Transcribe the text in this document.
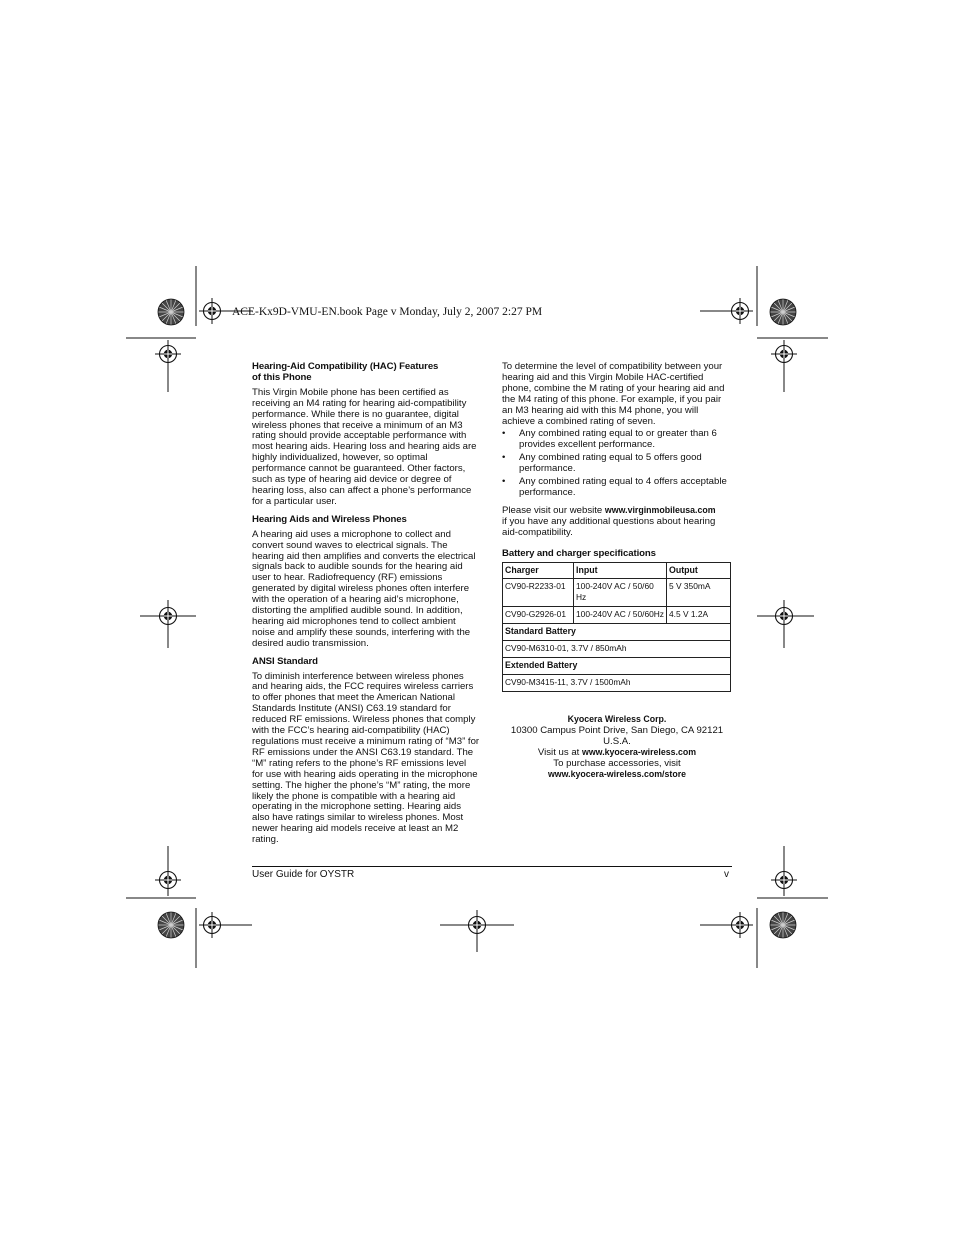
ACE-Kx9D-VMU-EN.book Page v Monday, July 2, 2007 2:27 PM
Hearing-Aid Compatibility (HAC) Features
of this Phone

This Virgin Mobile phone has been certified as receiving an M4 rating for hearing aid-compatibility performance. While there is no guarantee, digital wireless phones that receive a minimum of an M3 rating should provide acceptable performance with most hearing aids. Hearing loss and hearing aids are highly individualized, however, so optimal performance cannot be guaranteed. Other factors, such as type of hearing aid device or degree of hearing loss, also can affect a phone’s performance for a particular user.

Hearing Aids and Wireless Phones

A hearing aid uses a microphone to collect and convert sound waves to electrical signals. The hearing aid then amplifies and converts the electrical signals back to audible sounds for the hearing aid user to hear. Radiofrequency (RF) emissions generated by digital wireless phones often interfere with the operation of a hearing aid’s microphone, distorting the amplified audible sound. In addition, hearing aid microphones tend to collect ambient noise and amplify these sounds, interfering with the desired audio transmission.

ANSI Standard

To diminish interference between wireless phones and hearing aids, the FCC requires wireless carriers to offer phones that meet the American National Standards Institute (ANSI) C63.19 standard for reduced RF emissions. Wireless phones that comply with the FCC’s hearing aid-compatibility (HAC) regulations must receive a minimum rating of “M3” for RF emissions under the ANSI C63.19 standard. The “M” rating refers to the phone’s RF emissions level for use with hearing aids operating in the microphone setting. The higher the phone’s “M” rating, the more likely the phone is compatible with a hearing aid operating in the microphone setting. Hearing aids also have ratings similar to wireless phones. Most newer hearing aid models receive at least an M2 rating.

To determine the level of compatibility between your hearing aid and this Virgin Mobile HAC-certified phone, combine the M rating of your hearing aid and the M4 rating of this phone. For example, if you pair an M3 hearing aid with this M4 phone, you will achieve a combined rating of seven.

• Any combined rating equal to or greater than 6 provides excellent performance.
• Any combined rating equal to 5 offers good performance.
• Any combined rating equal to 4 offers acceptable performance.

Please visit our website www.virginmobileusa.com
if you have any additional questions about hearing aid-compatibility.

Battery and charger specifications
Charger	Input	Output
CV90-R2233-01	100-240V AC / 50/60 Hz	5 V 350mA
CV90-G2926-01	100-240V AC / 50/60Hz	4.5 V 1.2A
Standard Battery		
CV90-M6310-01, 3.7V / 850mAh		
Extended Battery		
CV90-M3415-11, 3.7V / 1500mAh		
Kyocera Wireless Corp.
10300 Campus Point Drive, San Diego, CA 92121
U.S.A.
Visit us at www.kyocera-wireless.com
To purchase accessories, visit
www.kyocera-wireless.com/store
User Guide for OYSTR	v
